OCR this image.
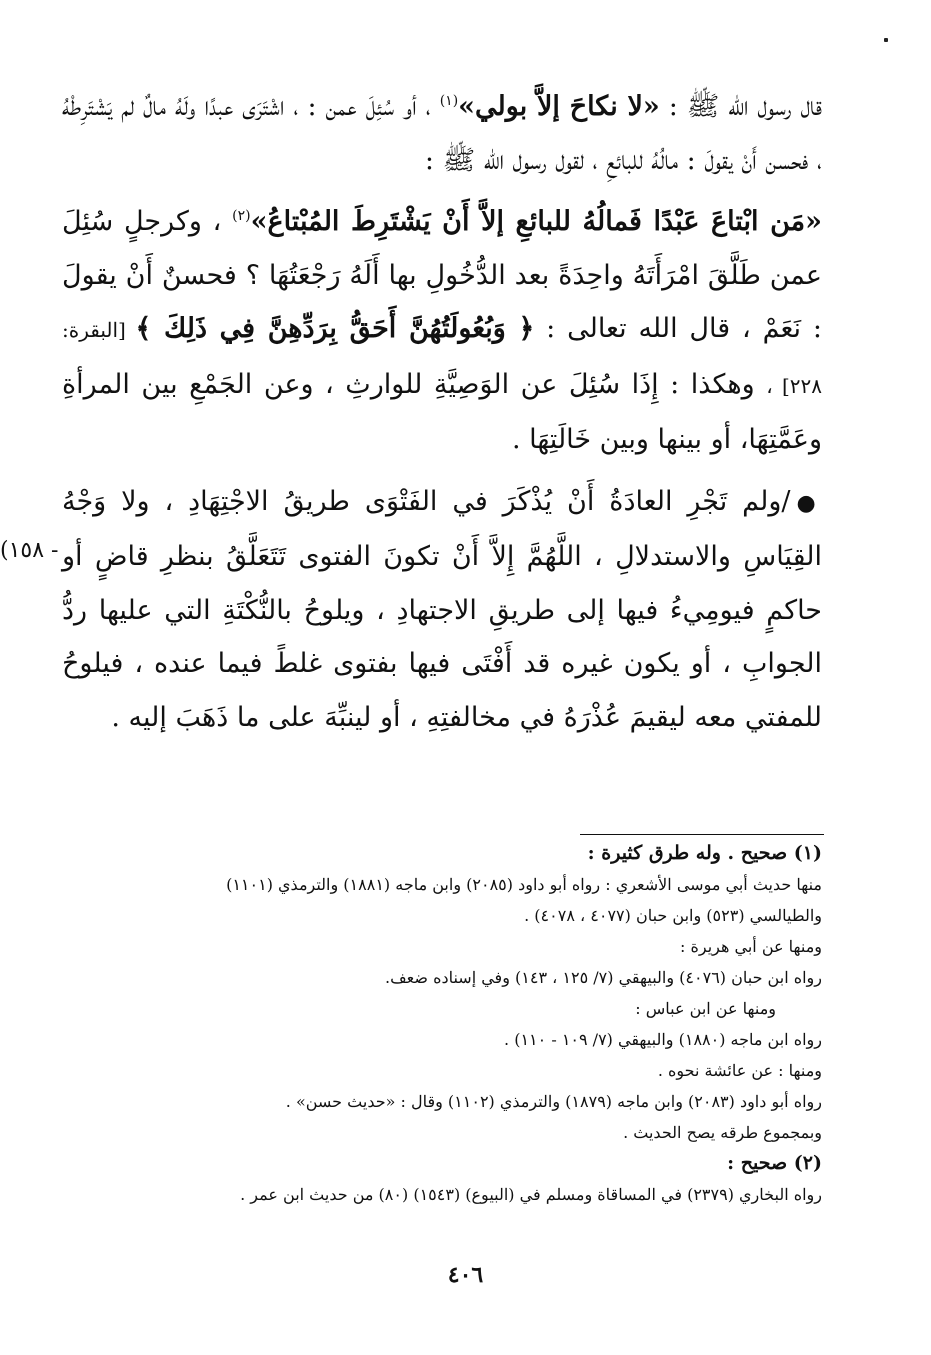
قال رسول الله ﷺ : «لا نكاحَ إلاَّ بولي»$^{(١)}$ ، أو سُئِلَ عمن : ، اشْتَرَى عبدًا ولَهُ مالٌ لم يَشْتَرِطْهُ ، فحسن أَنْ يقولَ : مالُهُ للبائعِ ، لقول رسول الله ﷺ :

«مَن ابْتاعَ عَبْدًا فَمالُهُ للبائعِ إلاَّ أَنْ يَشْتَرِطَ المُبْتاعُ»$^{(٢)}$ ، وكرجلٍ سُئِلَ عمن طَلَّقَ امْرَأَتَهُ واحِدَةً بعد الدُّخُولِ بها أَلَهُ رَجْعَتُهَا ؟ فحسنٌ أَنْ يقولَ : نَعَمْ ، قال الله تعالى : ﴿ وَبُعُولَتُهُنَّ أَحَقُّ بِرَدِّهِنَّ فِي ذَلِكَ ﴾ [البقرة: ٢٢٨] ، وهكذا : إِذَا سُئِلَ عن الوَصِيَّةِ للوارثِ ، وعن الجَمْعِ بين المرأةِ وعَمَّتِهَا، أو بينها وبين خَالَتِهَا .

●/ولم تَجْرِ العادَةُ أَنْ يُذْكَرَ في الفَتْوَى طريقُ الاجْتِهَادِ ، ولا وَجْهُ القِيَاسِ والاستدلالِ ، اللَّهُمَّ إِلاَّ أَنْ تكونَ الفتوى تَتَعَلَّقُ بنظرِ قاضٍ أو حاكمٍ فيومِيءُ فيها إلى طريقِ الاجتهادِ ، ويلوحُ بالنُّكْتَةِ التي عليها ردُّ الجوابِ ، أو يكون غيره قد أَفْتَى فيها بفتوى غلطً فيما عنده ، فيلوحُ للمفتي معه ليقيمَ عُذْرَهُ في مخالفتِهِ ، أو لينبِّهَ على ما ذَهَبَ إليه .

(١٥٨ -
(١) صحيح . وله طرق كثيرة :
منها حديث أبي موسى الأشعري : رواه أبو داود (٢٠٨٥) وابن ماجه (١٨٨١) والترمذي (١١٠١)
والطيالسي (٥٢٣) وابن حبان (٤٠٧٧ ، ٤٠٧٨) .
ومنها عن أبي هريرة :
رواه ابن حبان (٤٠٧٦) والبيهقي (٧/ ١٢٥ ، ١٤٣) وفي إسناده ضعف.
ومنها عن ابن عباس :
رواه ابن ماجه (١٨٨٠) والبيهقي (٧/ ١٠٩ - ١١٠) .
ومنها : عن عائشة نحوه .
رواه أبو داود (٢٠٨٣) وابن ماجه (١٨٧٩) والترمذي (١١٠٢) وقال : «حديث حسن» .
وبمجموع طرقه يصح الحديث .
(٢) صحيح :
رواه البخاري (٢٣٧٩) في المساقاة ومسلم في (البيوع) (١٥٤٣) (٨٠) من حديث ابن عمر .
٤٠٦
